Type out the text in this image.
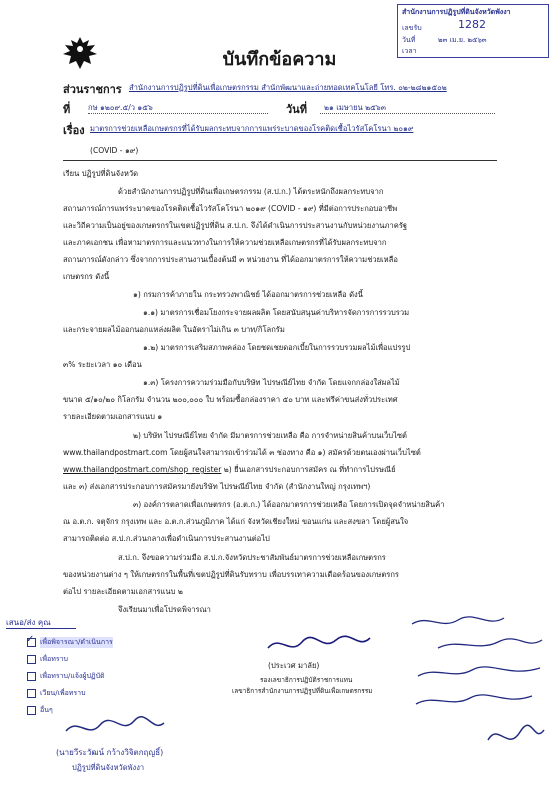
สำนักงานการปฏิรูปที่ดินจังหวัดพังงา
เลขรับ	1282
วันที่	๒๓ เม.ย. ๒๕๖๓
เวลา
บันทึกข้อความ
ส่วนราชการ สำนักงานการปฏิรูปที่ดินเพื่อเกษตรกรรม สำนักพัฒนาและถ่ายทอดเทคโนโลยี โทร. ๐๒-๒๘๒๑๕๐๒
ที่ กษ ๑๒๐๙.๕/ว ๑๕๖	วันที่ ๒๑ เมษายน ๒๕๖๓
เรื่อง มาตรการช่วยเหลือเกษตรกรที่ได้รับผลกระทบจากการแพร่ระบาดของโรคติดเชื้อไวรัสโคโรนา ๒๐๑๙
(COVID - ๑๙)
เรียน ปฏิรูปที่ดินจังหวัด
ด้วยสำนักงานการปฏิรูปที่ดินเพื่อเกษตรกรรม (ส.ป.ก.) ได้ตระหนักถึงผลกระทบจาก
สถานการณ์การแพร่ระบาดของโรคติดเชื้อไวรัสโคโรนา ๒๐๑๙ (COVID - ๑๙) ที่มีต่อการประกอบอาชีพ
และวิถีความเป็นอยู่ของเกษตรกรในเขตปฏิรูปที่ดิน ส.ป.ก. จึงได้ดำเนินการประสานงานกับหน่วยงานภาครัฐ
และภาคเอกชน เพื่อหามาตรการและแนวทางในการให้ความช่วยเหลือเกษตรกรที่ได้รับผลกระทบจาก
สถานการณ์ดังกล่าว ซึ่งจากการประสานงานเบื้องต้นมี ๓ หน่วยงาน ที่ได้ออกมาตรการให้ความช่วยเหลือ
เกษตรกร ดังนี้
๑) กรมการค้าภายใน กระทรวงพาณิชย์ ได้ออกมาตรการช่วยเหลือ ดังนี้
๑.๑) มาตรการเชื่อมโยงกระจายผลผลิต โดยสนับสนุนค่าบริหารจัดการการรวบรวม
และกระจายผลไม้ออกนอกแหล่งผลิต ในอัตราไม่เกิน ๓ บาท/กิโลกรัม
๑.๒) มาตรการเสริมสภาพคล่อง โดยชดเชยดอกเบี้ยในการรวบรวมผลไม้เพื่อแปรรูป
๓% ระยะเวลา ๑๐ เดือน
๑.๓) โครงการความร่วมมือกับบริษัท ไปรษณีย์ไทย จำกัด โดยแจกกล่องใส่ผลไม้
ขนาด ๕/๑๐/๒๐ กิโลกรัม จำนวน ๒๐๐,๐๐๐ ใบ พร้อมซื้อกล่องราคา ๕๐ บาท และฟรีค่าขนส่งทั่วประเทศ
รายละเอียดตามเอกสารแนบ ๑
๒) บริษัท ไปรษณีย์ไทย จำกัด มีมาตรการช่วยเหลือ คือ การจำหน่ายสินค้าบนเว็บไซต์
www.thailandpostmart.com โดยผู้สนใจสามารถเข้าร่วมได้ ๓ ช่องทาง คือ ๑) สมัครด้วยตนเองผ่านเว็บไซต์
www.thailandpostmart.com/shop_register ๒) ยื่นเอกสารประกอบการสมัคร ณ ที่ทำการไปรษณีย์
และ ๓) ส่งเอกสารประกอบการสมัครมายังบริษัท ไปรษณีย์ไทย จำกัด (สำนักงานใหญ่ กรุงเทพฯ)
๓) องค์การตลาดเพื่อเกษตรกร (อ.ต.ก.) ได้ออกมาตรการช่วยเหลือ โดยการเปิดจุดจำหน่ายสินค้า
ณ อ.ต.ก. จตุจักร กรุงเทพ และ อ.ต.ก.ส่วนภูมิภาค ได้แก่ จังหวัดเชียงใหม่ ขอนแก่น และสงขลา โดยผู้สนใจ
สามารถติดต่อ ส.ป.ก.ส่วนกลางเพื่อดำเนินการประสานงานต่อไป
ส.ป.ก. จึงขอความร่วมมือ ส.ป.ก.จังหวัดประชาสัมพันธ์มาตรการช่วยเหลือเกษตรกร
ของหน่วยงานต่าง ๆ ให้เกษตรกรในพื้นที่เขตปฏิรูปที่ดินรับทราบ เพื่อบรรเทาความเดือดร้อนของเกษตรกร
ต่อไป รายละเอียดตามเอกสารแนบ ๒
จึงเรียนมาเพื่อโปรดพิจารณา
(ประเวศ มาลัย)
รองเลขาธิการปฏิบัติราชการแทน
เลขาธิการสำนักงานการปฏิรูปที่ดินเพื่อเกษตรกรรม
เสนอ/ส่ง คุณ
✓ เพื่อพิจารณา/ดำเนินการ
เพื่อทราบ
เพื่อทราบ/แจ้งผู้ปฏิบัติ
เวียน/เพื่อทราบ
อื่นๆ
(นายวีระวัฒน์ กว้างวิจิตกฤญธิ์)
ปฏิรูปที่ดินจังหวัดพังงา
